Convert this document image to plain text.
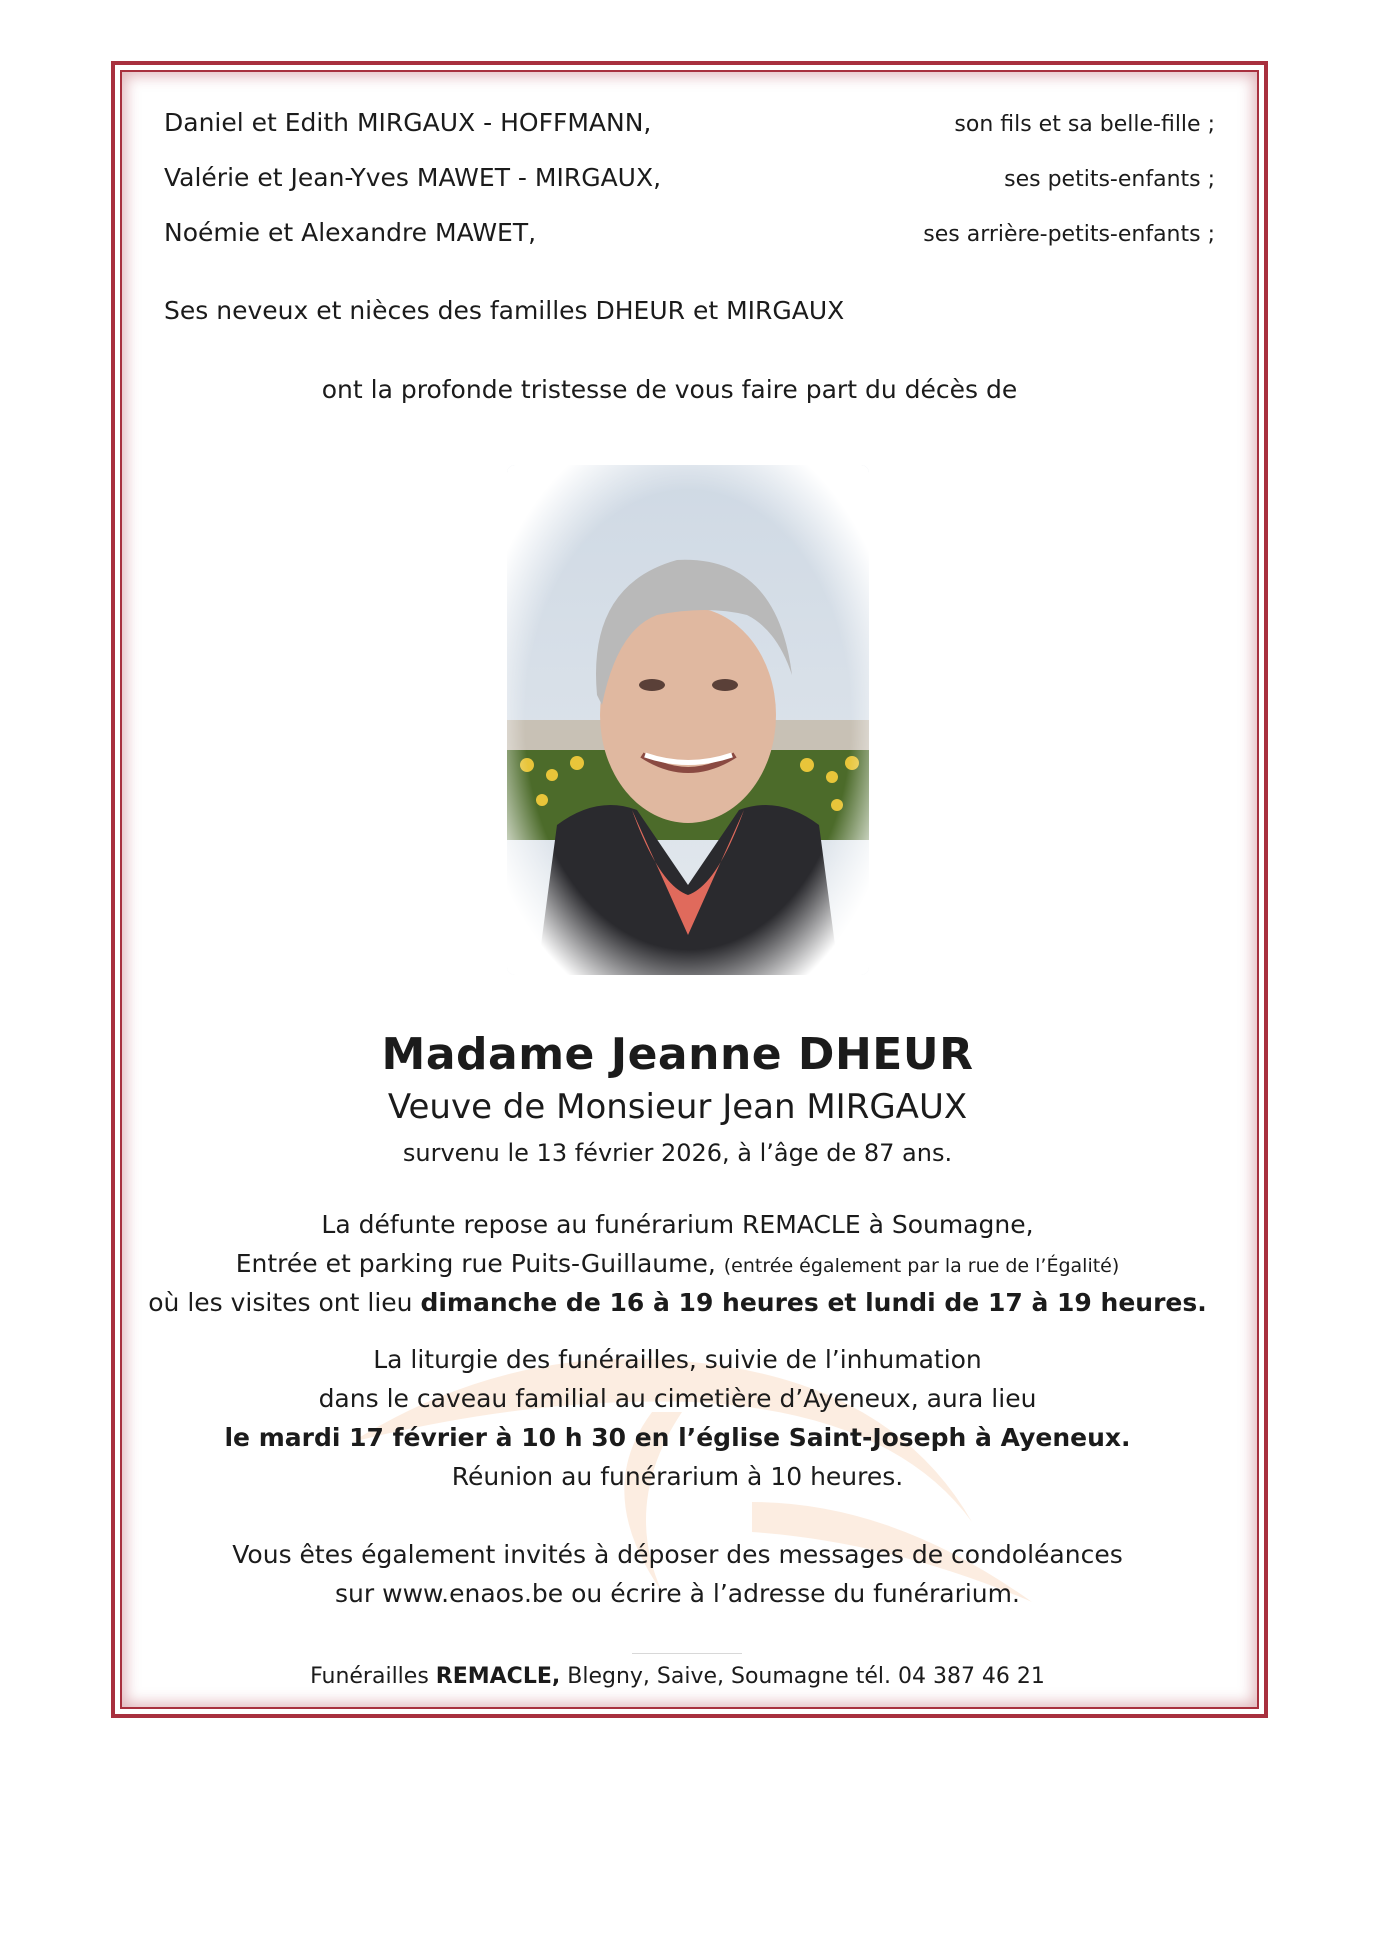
Daniel et Edith MIRGAUX - HOFFMANN,	son fils et sa belle-fille ;
Valérie et Jean-Yves MAWET - MIRGAUX,	ses petits-enfants ;
Noémie et Alexandre MAWET,	ses arrière-petits-enfants ;
Ses neveux et nièces des familles DHEUR et MIRGAUX
ont la profonde tristesse de vous faire part du décès de
Madame Jeanne DHEUR
Veuve de Monsieur Jean MIRGAUX
survenu le 13 février 2026, à l’âge de 87 ans.
La défunte repose au funérarium REMACLE à Soumagne,
Entrée et parking rue Puits-Guillaume, (entrée également par la rue de l’Égalité)
où les visites ont lieu dimanche de 16 à 19 heures et lundi de 17 à 19 heures.
La liturgie des funérailles, suivie de l’inhumation
dans le caveau familial au cimetière d’Ayeneux, aura lieu
le mardi 17 février à 10 h 30 en l’église Saint-Joseph à Ayeneux.
Réunion au funérarium à 10 heures.
Vous êtes également invités à déposer des messages de condoléances
sur www.enaos.be ou écrire à l’adresse du funérarium.
Funérailles REMACLE, Blegny, Saive, Soumagne tél. 04 387 46 21
